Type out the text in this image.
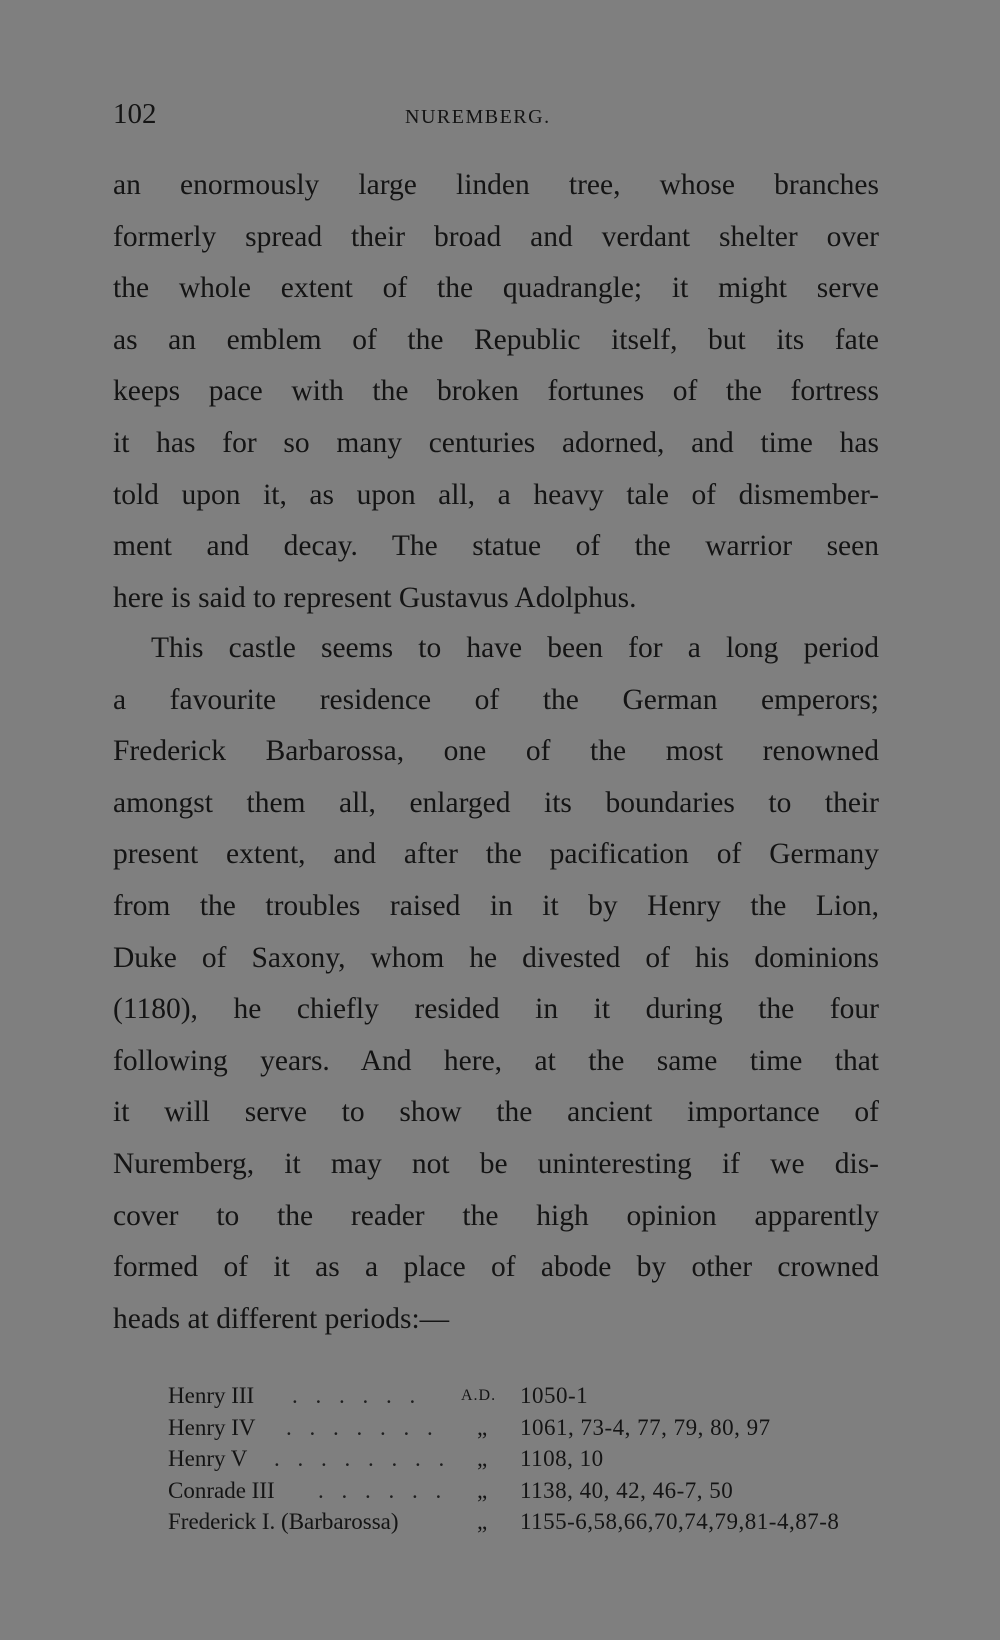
102	NUREMBERG.
an enormously large linden tree, whose branches
formerly spread their broad and verdant shelter over
the whole extent of the quadrangle; it might serve
as an emblem of the Republic itself, but its fate
keeps pace with the broken fortunes of the fortress
it has for so many centuries adorned, and time has
told upon it, as upon all, a heavy tale of dismember-
ment and decay. The statue of the warrior seen
here is said to represent Gustavus Adolphus.
This castle seems to have been for a long period
a favourite residence of the German emperors;
Frederick Barbarossa, one of the most renowned
amongst them all, enlarged its boundaries to their
present extent, and after the pacification of Germany
from the troubles raised in it by Henry the Lion,
Duke of Saxony, whom he divested of his dominions
(1180), he chiefly resided in it during the four
following years. And here, at the same time that
it will serve to show the ancient importance of
Nuremberg, it may not be uninteresting if we dis-
cover to the reader the high opinion apparently
formed of it as a place of abode by other crowned
heads at different periods:—
Henry III . . . . . . A.D. 1050-1
Henry IV . . . . . . . „ 1061, 73-4, 77, 79, 80, 97
Henry V . . . . . . . . „ 1108, 10
Conrade III . . . . . . „ 1138, 40, 42, 46-7, 50
Frederick I. (Barbarossa)	„ 1155-6,58,66,70,74,79,81-4,87-8
